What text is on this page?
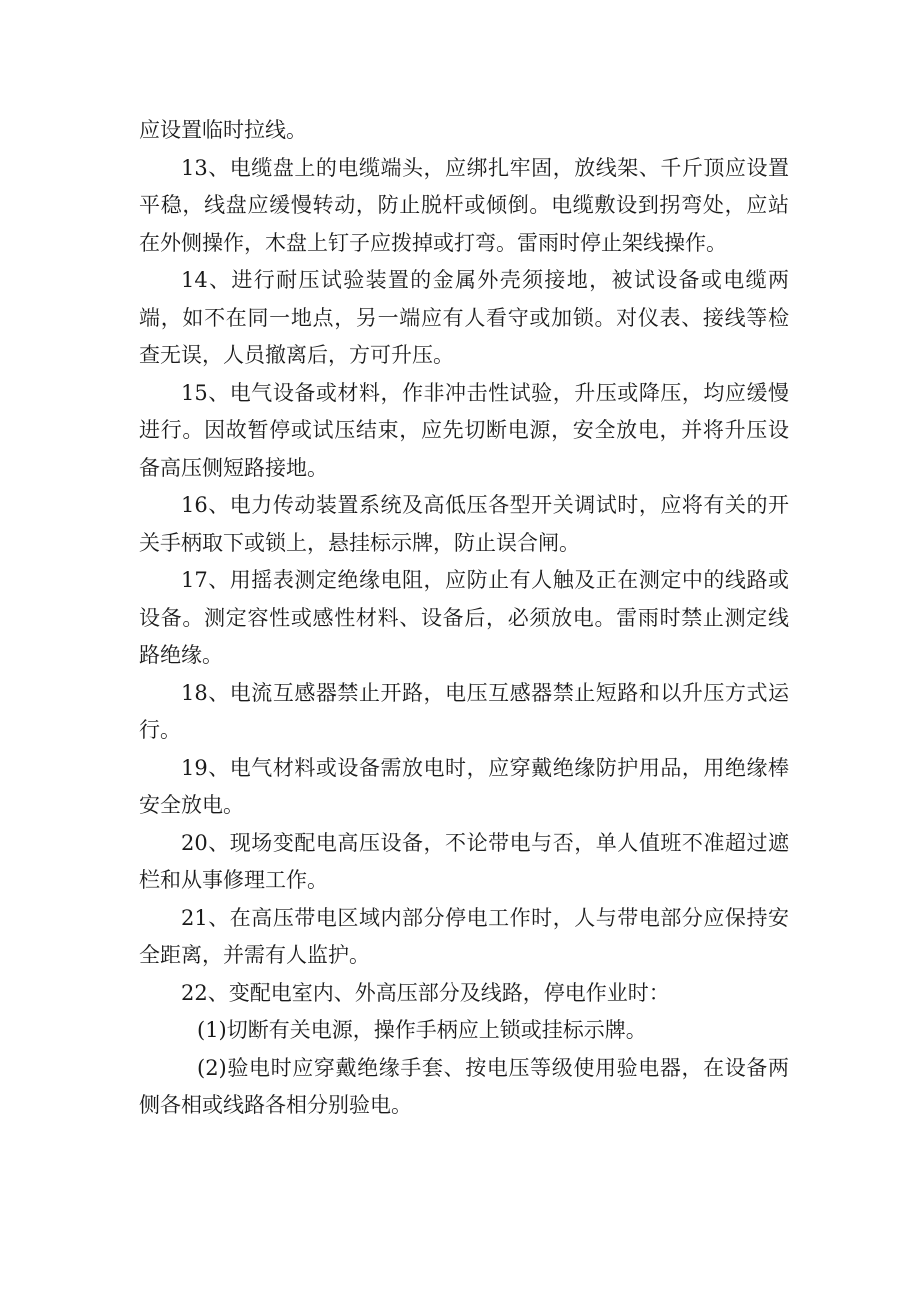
应设置临时拉线。

13、电缆盘上的电缆端头，应绑扎牢固，放线架、千斤顶应设置平稳，线盘应缓慢转动，防止脱杆或倾倒。电缆敷设到拐弯处，应站在外侧操作，木盘上钉子应拨掉或打弯。雷雨时停止架线操作。

14、进行耐压试验装置的金属外壳须接地，被试设备或电缆两端，如不在同一地点，另一端应有人看守或加锁。对仪表、接线等检查无误，人员撤离后，方可升压。

15、电气设备或材料，作非冲击性试验，升压或降压，均应缓慢进行。因故暂停或试压结束，应先切断电源，安全放电，并将升压设备高压侧短路接地。

16、电力传动装置系统及高低压各型开关调试时，应将有关的开关手柄取下或锁上，悬挂标示牌，防止误合闸。

17、用摇表测定绝缘电阻，应防止有人触及正在测定中的线路或设备。测定容性或感性材料、设备后，必须放电。雷雨时禁止测定线路绝缘。

18、电流互感器禁止开路，电压互感器禁止短路和以升压方式运行。

19、电气材料或设备需放电时，应穿戴绝缘防护用品，用绝缘棒安全放电。

20、现场变配电高压设备，不论带电与否，单人值班不准超过遮栏和从事修理工作。

21、在高压带电区域内部分停电工作时，人与带电部分应保持安全距离，并需有人监护。

22、变配电室内、外高压部分及线路，停电作业时：

(1)切断有关电源，操作手柄应上锁或挂标示牌。

(2)验电时应穿戴绝缘手套、按电压等级使用验电器，在设备两侧各相或线路各相分别验电。
